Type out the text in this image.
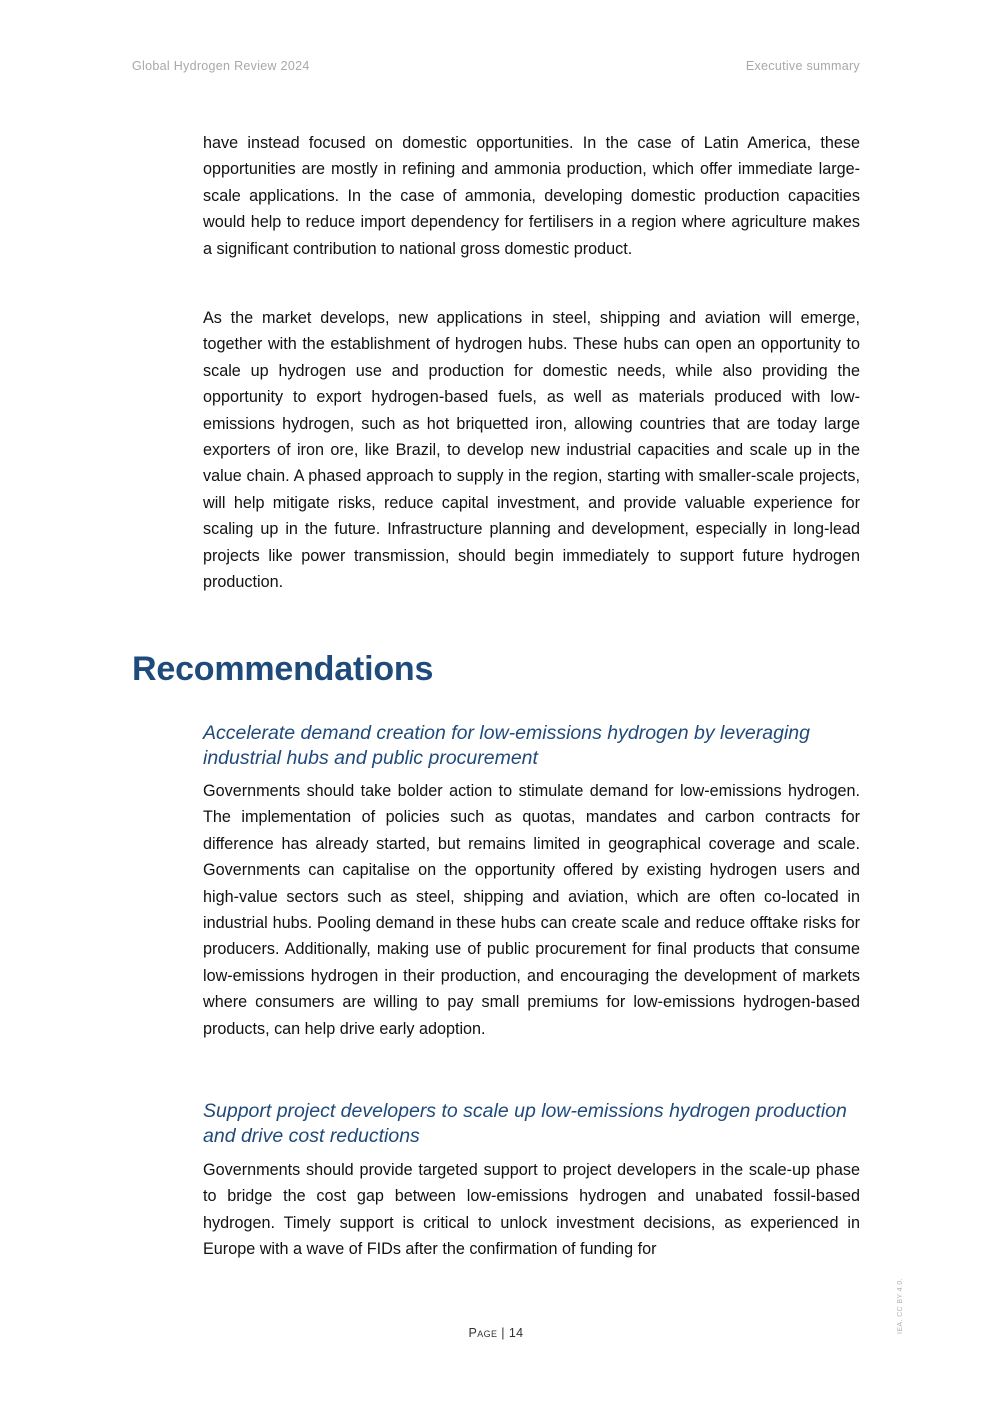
Global Hydrogen Review 2024	Executive summary

have instead focused on domestic opportunities. In the case of Latin America, these opportunities are mostly in refining and ammonia production, which offer immediate large-scale applications. In the case of ammonia, developing domestic production capacities would help to reduce import dependency for fertilisers in a region where agriculture makes a significant contribution to national gross domestic product.

As the market develops, new applications in steel, shipping and aviation will emerge, together with the establishment of hydrogen hubs. These hubs can open an opportunity to scale up hydrogen use and production for domestic needs, while also providing the opportunity to export hydrogen-based fuels, as well as materials produced with low-emissions hydrogen, such as hot briquetted iron, allowing countries that are today large exporters of iron ore, like Brazil, to develop new industrial capacities and scale up in the value chain. A phased approach to supply in the region, starting with smaller-scale projects, will help mitigate risks, reduce capital investment, and provide valuable experience for scaling up in the future. Infrastructure planning and development, especially in long-lead projects like power transmission, should begin immediately to support future hydrogen production.

Recommendations
Accelerate demand creation for low-emissions hydrogen by leveraging industrial hubs and public procurement

Governments should take bolder action to stimulate demand for low-emissions hydrogen. The implementation of policies such as quotas, mandates and carbon contracts for difference has already started, but remains limited in geographical coverage and scale. Governments can capitalise on the opportunity offered by existing hydrogen users and high-value sectors such as steel, shipping and aviation, which are often co-located in industrial hubs. Pooling demand in these hubs can create scale and reduce offtake risks for producers. Additionally, making use of public procurement for final products that consume low-emissions hydrogen in their production, and encouraging the development of markets where consumers are willing to pay small premiums for low-emissions hydrogen-based products, can help drive early adoption.

Support project developers to scale up low-emissions hydrogen production and drive cost reductions

Governments should provide targeted support to project developers in the scale-up phase to bridge the cost gap between low-emissions hydrogen and unabated fossil-based hydrogen. Timely support is critical to unlock investment decisions, as experienced in Europe with a wave of FIDs after the confirmation of funding for

Page | 14	IEA. CC BY 4.0.
